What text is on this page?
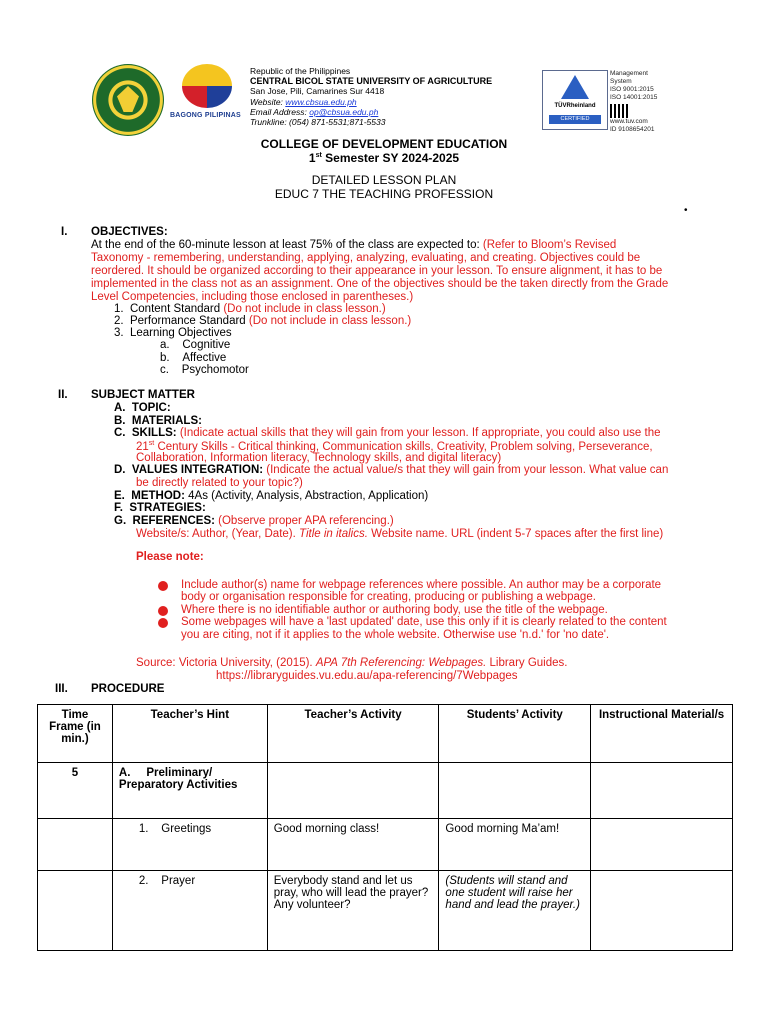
BAGONG PILIPINAS
Republic of the Philippines
CENTRAL BICOL STATE UNIVERSITY OF AGRICULTURE
San Jose, Pili, Camarines Sur 4418
Website: www.cbsua.edu.ph
Email Address: op@cbsua.edu.ph
Trunkline: (054) 871-5531;871-5533
TÜVRheinland
CERTIFIED
Management
System
ISO 9001:2015
ISO 14001:2015
www.tuv.com
ID 9108654201
COLLEGE OF DEVELOPMENT EDUCATION
1st Semester SY 2024-2025
DETAILED LESSON PLAN
EDUC 7 THE TEACHING PROFESSION
•
I. OBJECTIVES:
At the end of the 60-minute lesson at least 75% of the class are expected to: (Refer to Bloom’s Revised
Taxonomy - remembering, understanding, applying, analyzing, evaluating, and creating. Objectives could be
reordered. It should be organized according to their appearance in your lesson. To ensure alignment, it has to be
implemented in the class not as an assignment. One of the objectives should be the taken directly from the Grade
Level Competencies, including those enclosed in parentheses.)
1. Content Standard (Do not include in class lesson.)
2. Performance Standard (Do not include in class lesson.)
3. Learning Objectives
a. Cognitive
b. Affective
c. Psychomotor
II. SUBJECT MATTER
A. TOPIC:
B. MATERIALS:
C. SKILLS: (Indicate actual skills that they will gain from your lesson. If appropriate, you could also use the
21st Century Skills - Critical thinking, Communication skills, Creativity, Problem solving, Perseverance,
Collaboration, Information literacy, Technology skills, and digital literacy)
D. VALUES INTEGRATION: (Indicate the actual value/s that they will gain from your lesson. What value can
be directly related to your topic?)
E. METHOD: 4As (Activity, Analysis, Abstraction, Application)
F. STRATEGIES:
G. REFERENCES: (Observe proper APA referencing.)
Website/s: Author, (Year, Date). Title in italics. Website name. URL (indent 5-7 spaces after the first line)
Please note:
Include author(s) name for webpage references where possible. An author may be a corporate
body or organisation responsible for creating, producing or publishing a webpage.
Where there is no identifiable author or authoring body, use the title of the webpage.
Some webpages will have a 'last updated' date, use this only if it is clearly related to the content
you are citing, not if it applies to the whole website. Otherwise use 'n.d.' for 'no date'.
Source: Victoria University, (2015). APA 7th Referencing: Webpages. Library Guides.
https://libraryguides.vu.edu.au/apa-referencing/7Webpages
III. PROCEDURE
Time Frame (in min.)	Teacher’s Hint	Teacher’s Activity	Students’ Activity	Instructional Material/s
5	A. Preliminary/ Preparatory Activities			
	1. Greetings	Good morning class!	Good morning Ma’am!	
	2. Prayer	Everybody stand and let us pray, who will lead the prayer? Any volunteer?	(Students will stand and one student will raise her hand and lead the prayer.)	
